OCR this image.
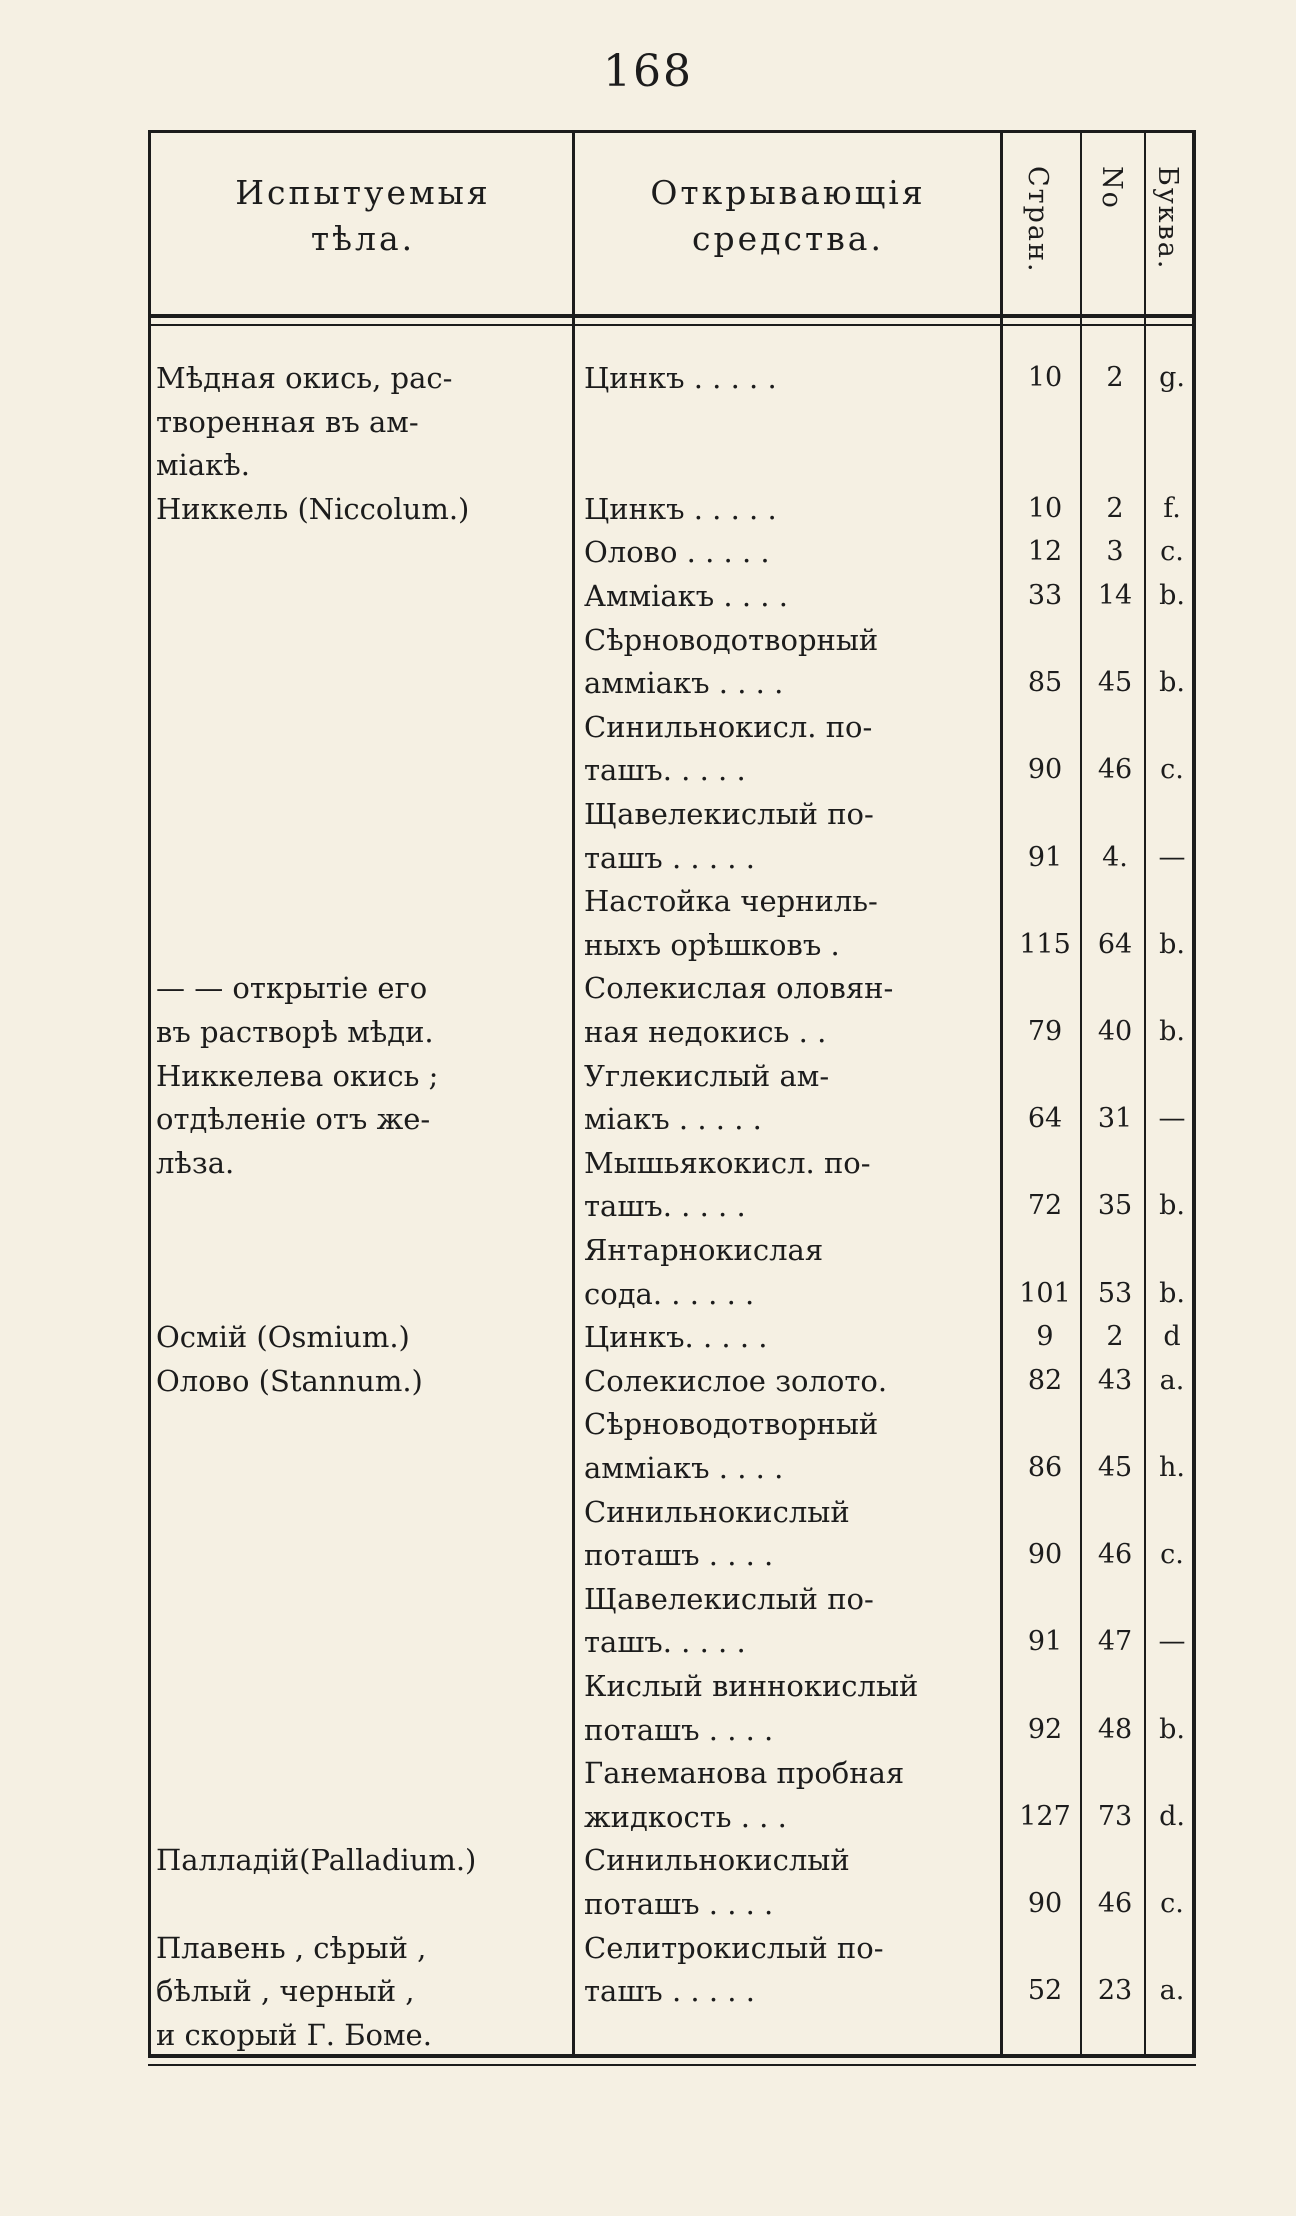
168
Испытуемыя
тѣла.
Открывающія
средства.	Стран. No Буква.
Мѣдная окись, рас-	Цинкъ . . . . .	10	2	g.
творенная въ ам-
міакѣ.
Никкель (Niccolum.)	Цинкъ . . . . .	10	2	f.
Олово . . . . .	12	3	c.
Аммiакъ . . . .	33	14 b.
Сѣрноводотворный
аммiакъ . . . .	85	45 b.
Синильнокисл. по-
ташъ. . . . .	90	46	c.
Щавелекислый по-
ташъ . . . . .	91	4.	—
Настойка черниль-
ныхъ орѣшковъ .	115	64 b.
— — открытіе его	Солекислая оловян-
въ растворѣ мѣди.	ная недокись . .	79	40 b.
Никкелева окись ;	Углекислый ам-
отдѣленіе отъ же-	міакъ . . . . .	64	31 —
лѣза.	Мышьякокисл. по-
ташъ. . . . .	72	35 b.
Янтарнокислая
сода. . . . . .	101	53 b.
Осмій (Osmium.)	Цинкъ. . . . .	9	2	d
Олово (Stannum.)	Солекислое золото.	82	43	a.
Сѣрноводотворный
аммiакъ . . . .	86	45 h.
Синильнокислый
поташъ . . . .	90	46	c.
Щавелекислый по-
ташъ. . . . .	91	47 —
Кислый виннокислый
поташъ . . . .	92	48 b.
Ганеманова пробная
жидкость . . .	127	73 d.
Палладій(Palladium.)	Синильнокислый
поташъ . . . .	90	46	c.
Плавень , сѣрый ,	Селитрокислый по-
бѣлый , черный ,	ташъ . . . . .	52	23	a.
и скорый Г. Боме.
